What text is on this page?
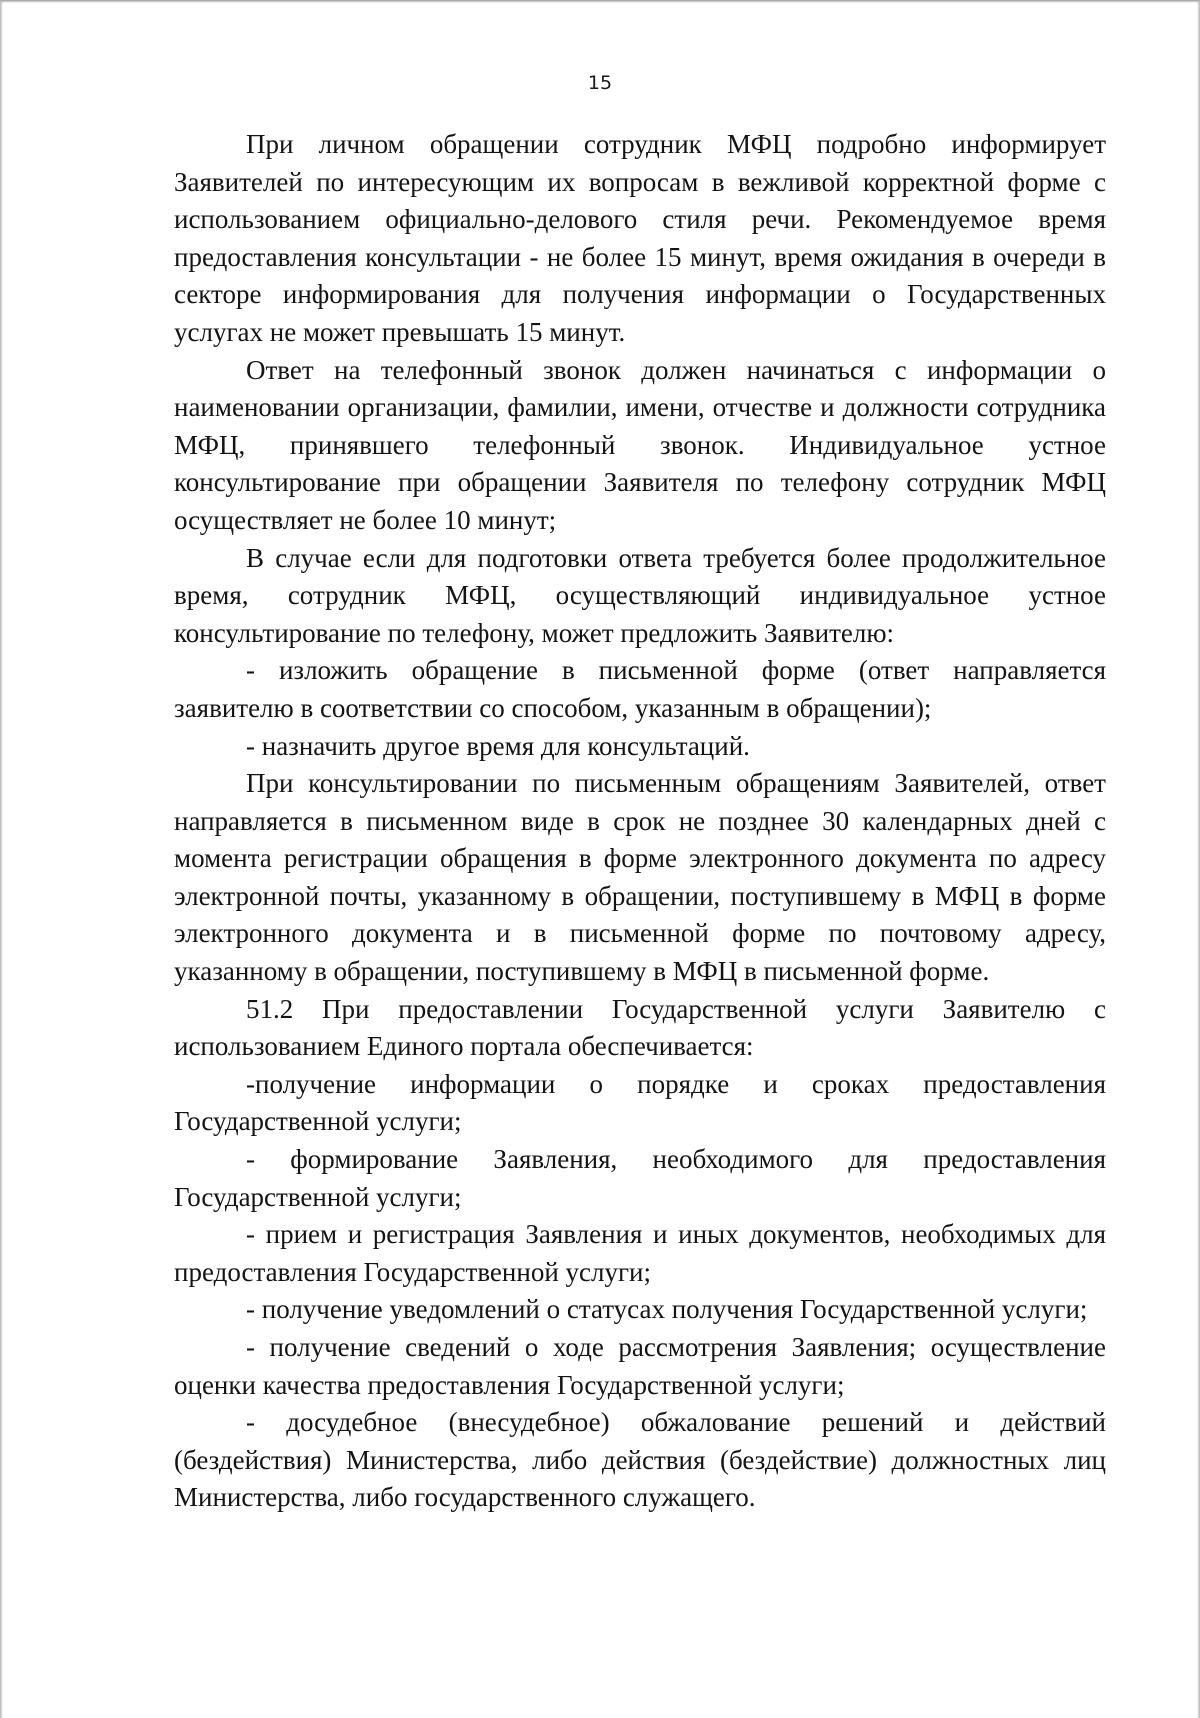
15

При личном обращении сотрудник МФЦ подробно информирует Заявителей по интересующим их вопросам в вежливой корректной форме с использованием официально-делового стиля речи. Рекомендуемое время предоставления консультации - не более 15 минут, время ожидания в очереди в секторе информирования для получения информации о Государственных услугах не может превышать 15 минут.

Ответ на телефонный звонок должен начинаться с информации о наименовании организации, фамилии, имени, отчестве и должности сотрудника МФЦ, принявшего телефонный звонок. Индивидуальное устное консультирование при обращении Заявителя по телефону сотрудник МФЦ осуществляет не более 10 минут;

В случае если для подготовки ответа требуется более продолжительное время, сотрудник МФЦ, осуществляющий индивидуальное устное консультирование по телефону, может предложить Заявителю:

- изложить обращение в письменной форме (ответ направляется заявителю в соответствии со способом, указанным в обращении);

- назначить другое время для консультаций.

При консультировании по письменным обращениям Заявителей, ответ направляется в письменном виде в срок не позднее 30 календарных дней с момента регистрации обращения в форме электронного документа по адресу электронной почты, указанному в обращении, поступившему в МФЦ в форме электронного документа и в письменной форме по почтовому адресу, указанному в обращении, поступившему в МФЦ в письменной форме.

51.2 При предоставлении Государственной услуги Заявителю с использованием Единого портала обеспечивается:

-получение информации о порядке и сроках предоставления Государственной услуги;

- формирование Заявления, необходимого для предоставления Государственной услуги;

- прием и регистрация Заявления и иных документов, необходимых для предоставления Государственной услуги;

- получение уведомлений о статусах получения Государственной услуги;

- получение сведений о ходе рассмотрения Заявления; осуществление оценки качества предоставления Государственной услуги;

- досудебное (внесудебное) обжалование решений и действий (бездействия) Министерства, либо действия (бездействие) должностных лиц Министерства, либо государственного служащего.
